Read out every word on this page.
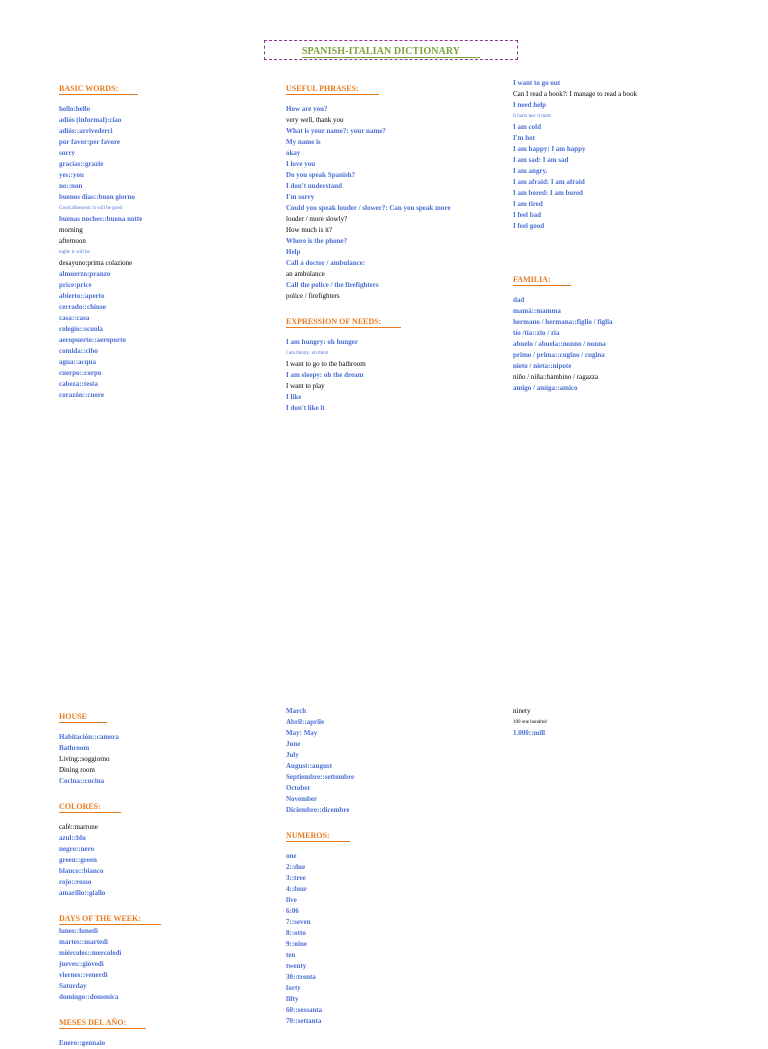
SPANISH-ITALIAN DICTIONARY
BASIC WORDS:
hello:hello
adiós (informal):ciao
adiós::arrivederci
por favor:per favore
sorry
gracias::grazie
yes::you
no::non
buenos días::buon giorno
Good afternoon: it will be good
buenas noches::buona notte
morning
afternoon
night: it will be
desayuno:prima colazione
almuerzo:pranzo
price:price
abierto::aperto
cerrado::chiuso
casa::casa
colegio::scuola
aeropuerto::aeroporto
comida::cibo
agua::acqua
cuerpo::corpo
cabeza::testa
corazón::cuore
USEFUL PHRASES:
How are you?
very well, thank you
What is your name?: your name?
My name is
okay
I love you
Do you speak Spanish?
I don't understand
I'm sorry
Could you speak louder / slower?: Can you speak more
louder / more slowly?
How much is it?
Where is the phone?
Help
Call a doctor / ambulance:
an ambulance
Call the police / the firefighters
police / firefighters
EXPRESSION OF NEEDS:
I am hungry: oh hunger
I am thirsty: oh thirst
I want to go to the bathroom
I am sleepy: oh the dream
I want to play
I like
I don't like it
I want to go out
Can I read a book?: I manage to read a book
I need help
It hurts me: it hurts
I am cold
I'm hot
I am happy: I am happy
I am sad: I am sad
I am angry.
I am afraid: I am afraid
I am bored: I am bored
I am tired
I feel bad
I feel good
FAMILIA:
dad
mamá::mamma
hermano / hermana::figlio / figlia
tío /tía::zio / zia
abuelo / abuela::nonno / nonna
primo / prima::cugino / cugina
nieto / nieta::nipote
niño / niña::bambino / ragazza
amigo / amiga::amico
HOUSE
Habitación::camera
Bathroom
Living::soggiorno
Dining room
Cocina::cucina
COLORES:
café::marrone
azul::blu
negro::nero
green::green
blanco::bianco
rojo::rosso
amarillo::giallo
DAYS OF THE WEEK:
lunes::lunedì
martes::martedì
miércoles::mercoledì
jueves::giovedì
viernes::venerdì
Saturday
domingo::domenica
MESES DEL AÑO:
Enero::gennaio
March
Abril::aprile
May: May
June
July
August::august
Septiembre::settembre
October
November
Diciembre::dicembre
NUMEROS:
one
2::due
3::tree
4::four
five
6:06
7::seven
8::otto
9::nine
ten
twenty
30::trenta
forty
fifty
60::sessanta
70::settanta
ninety
100 one hundred
1.000::mill
